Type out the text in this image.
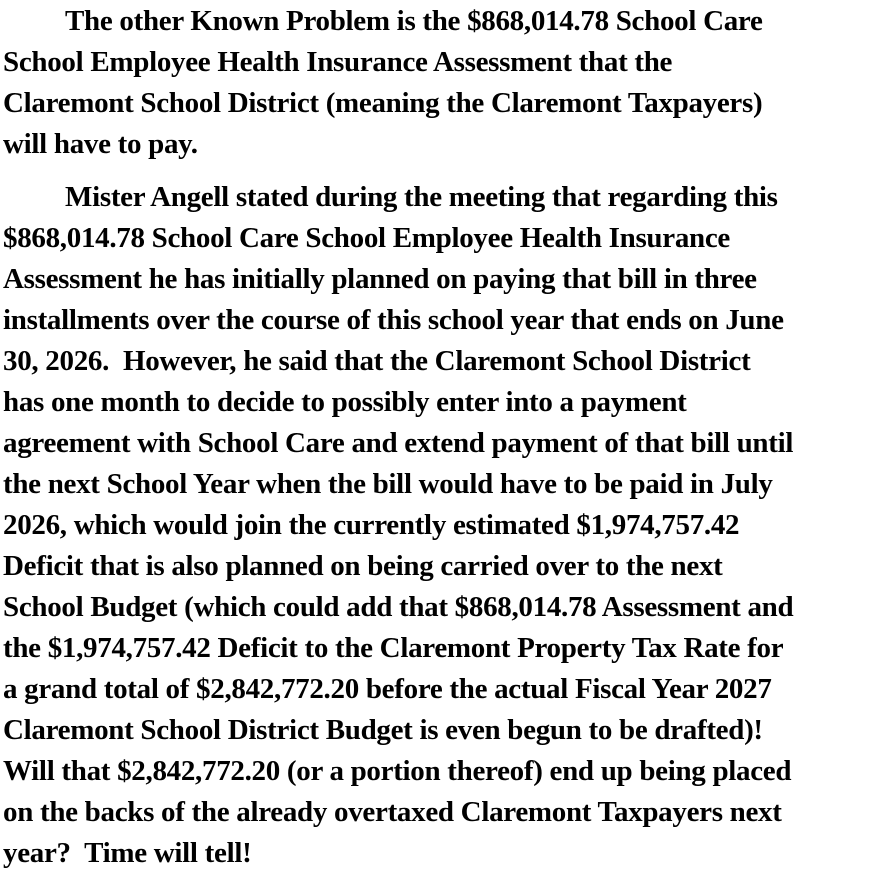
The other Known Problem is the $868,014.78 School Care
School Employee Health Insurance Assessment that the
Claremont School District (meaning the Claremont Taxpayers)
will have to pay.
Mister Angell stated during the meeting that regarding this
$868,014.78 School Care School Employee Health Insurance
Assessment he has initially planned on paying that bill in three
installments over the course of this school year that ends on June
30, 2026.  However, he said that the Claremont School District
has one month to decide to possibly enter into a payment
agreement with School Care and extend payment of that bill until
the next School Year when the bill would have to be paid in July
2026, which would join the currently estimated $1,974,757.42
Deficit that is also planned on being carried over to the next
School Budget (which could add that $868,014.78 Assessment and
the $1,974,757.42 Deficit to the Claremont Property Tax Rate for
a grand total of $2,842,772.20 before the actual Fiscal Year 2027
Claremont School District Budget is even begun to be drafted)!
Will that $2,842,772.20 (or a portion thereof) end up being placed
on the backs of the already overtaxed Claremont Taxpayers next
year?  Time will tell!
